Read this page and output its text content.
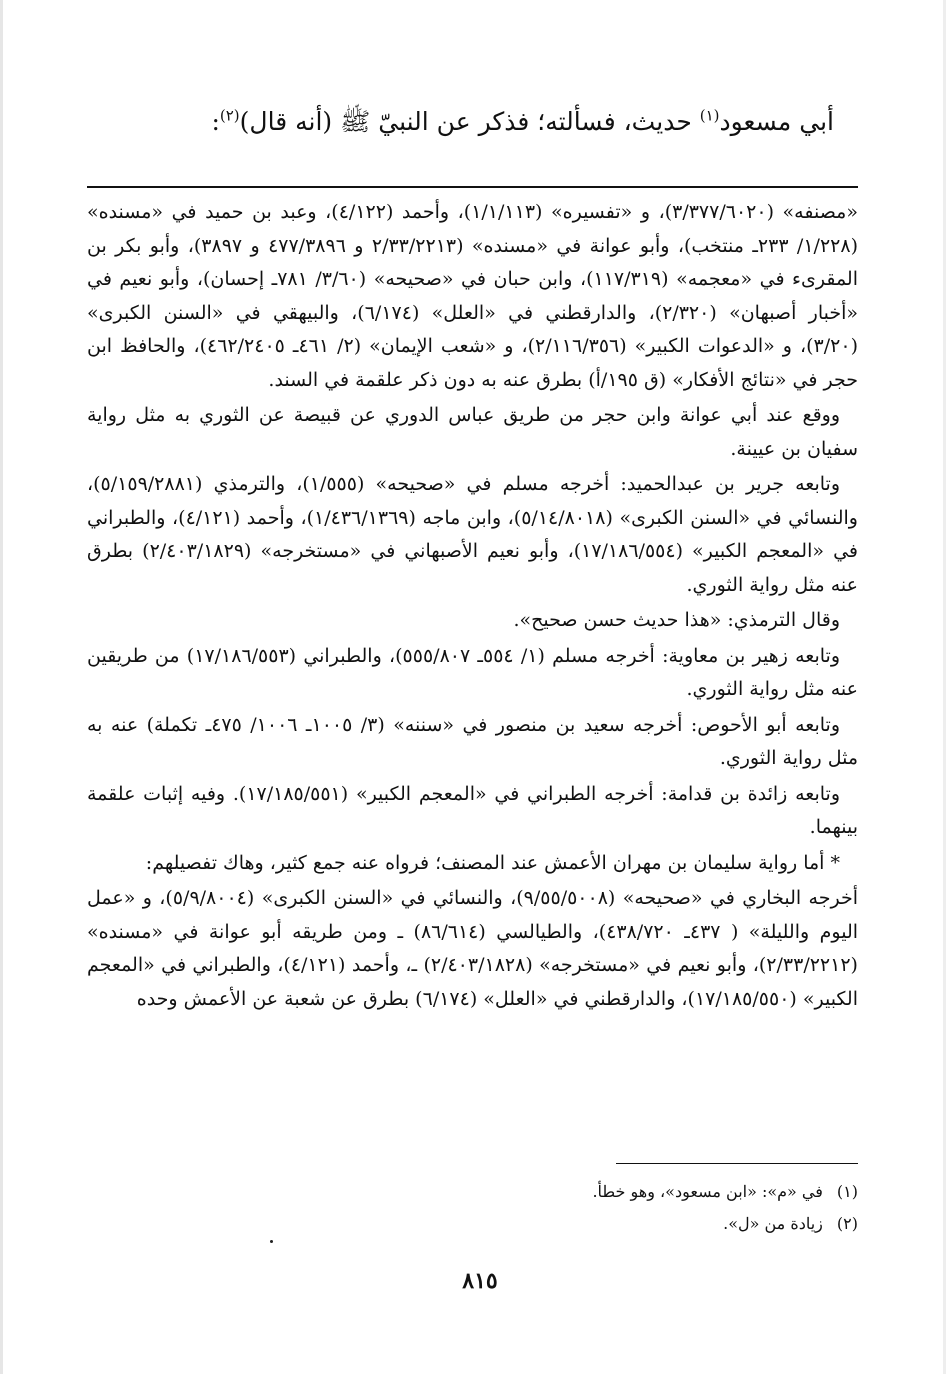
أبي مسعود$^{(١)}$ حديث، فسألته؛ فذكر عن النبيّ ﷺ (أنه قال)$^{(٢)}$:

«مصنفه» (٣/٣٧٧/٦٠٢٠)، و «تفسيره» (١/١/١١٣)، وأحمد (٤/١٢٢)، وعبد بن حميد في «مسنده» (١/٢٢٨/ ٢٣٣ـ منتخب)، وأبو عوانة في «مسنده» (٢/٣٣/٢٢١٣ و ٤٧٧/٣٨٩٦ و ٣٨٩٧)، وأبو بكر بن المقرىء في «معجمه» (١١٧/٣١٩)، وابن حبان في «صحيحه» (٣/٦٠/ ٧٨١ـ إحسان)، وأبو نعيم في «أخبار أصبهان» (٢/٣٢٠)، والدارقطني في «العلل» (٦/١٧٤)، والبيهقي في «السنن الكبرى» (٣/٢٠)، و «الدعوات الكبير» (٢/١١٦/٣٥٦)، و «شعب الإيمان» (٢/ ٤٦١ـ ٤٦٢/٢٤٠٥)، والحافظ ابن حجر في «نتائج الأفكار» (ق ١٩٥/أ) بطرق عنه به دون ذكر علقمة في السند.

ووقع عند أبي عوانة وابن حجر من طريق عباس الدوري عن قبيصة عن الثوري به مثل رواية سفيان بن عيينة.

وتابعه جرير بن عبدالحميد: أخرجه مسلم في «صحيحه» (١/٥٥٥)، والترمذي (٥/١٥٩/٢٨٨١)، والنسائي في «السنن الكبرى» (٥/١٤/٨٠١٨)، وابن ماجه (١/٤٣٦/١٣٦٩)، وأحمد (٤/١٢١)، والطبراني في «المعجم الكبير» (١٧/١٨٦/٥٥٤)، وأبو نعيم الأصبهاني في «مستخرجه» (٢/٤٠٣/١٨٢٩) بطرق عنه مثل رواية الثوري.

وقال الترمذي: «هذا حديث حسن صحيح».

وتابعه زهير بن معاوية: أخرجه مسلم (١/ ٥٥٤ـ ٥٥٥/٨٠٧)، والطبراني (١٧/١٨٦/٥٥٣) من طريقين عنه مثل رواية الثوري.

وتابعه أبو الأحوص: أخرجه سعيد بن منصور في «سننه» (٣/ ١٠٠٥ـ ١٠٠٦/ ٤٧٥ـ تكملة) عنه به مثل رواية الثوري.

وتابعه زائدة بن قدامة: أخرجه الطبراني في «المعجم الكبير» (١٧/١٨٥/٥٥١). وفيه إثبات علقمة بينهما.

* أما رواية سليمان بن مهران الأعمش عند المصنف؛ فرواه عنه جمع كثير، وهاك تفصيلهم:

أخرجه البخاري في «صحيحه» (٩/٥٥/٥٠٠٨)، والنسائي في «السنن الكبرى» (٥/٩/٨٠٠٤)، و «عمل اليوم والليلة» ( ٤٣٧ـ ٤٣٨/٧٢٠)، والطيالسي (٨٦/٦١٤) ـ ومن طريقه أبو عوانة في «مسنده» (٢/٣٣/٢٢١٢)، وأبو نعيم في «مستخرجه» (٢/٤٠٣/١٨٢٨) ـ، وأحمد (٤/١٢١)، والطبراني في «المعجم الكبير» (١٧/١٨٥/٥٥٠)، والدارقطني في «العلل» (٦/١٧٤) بطرق عن شعبة عن الأعمش وحده

(١)في «م»: «ابن مسعود»، وهو خطأ.
(٢)زيادة من «ل».
٨١٥
